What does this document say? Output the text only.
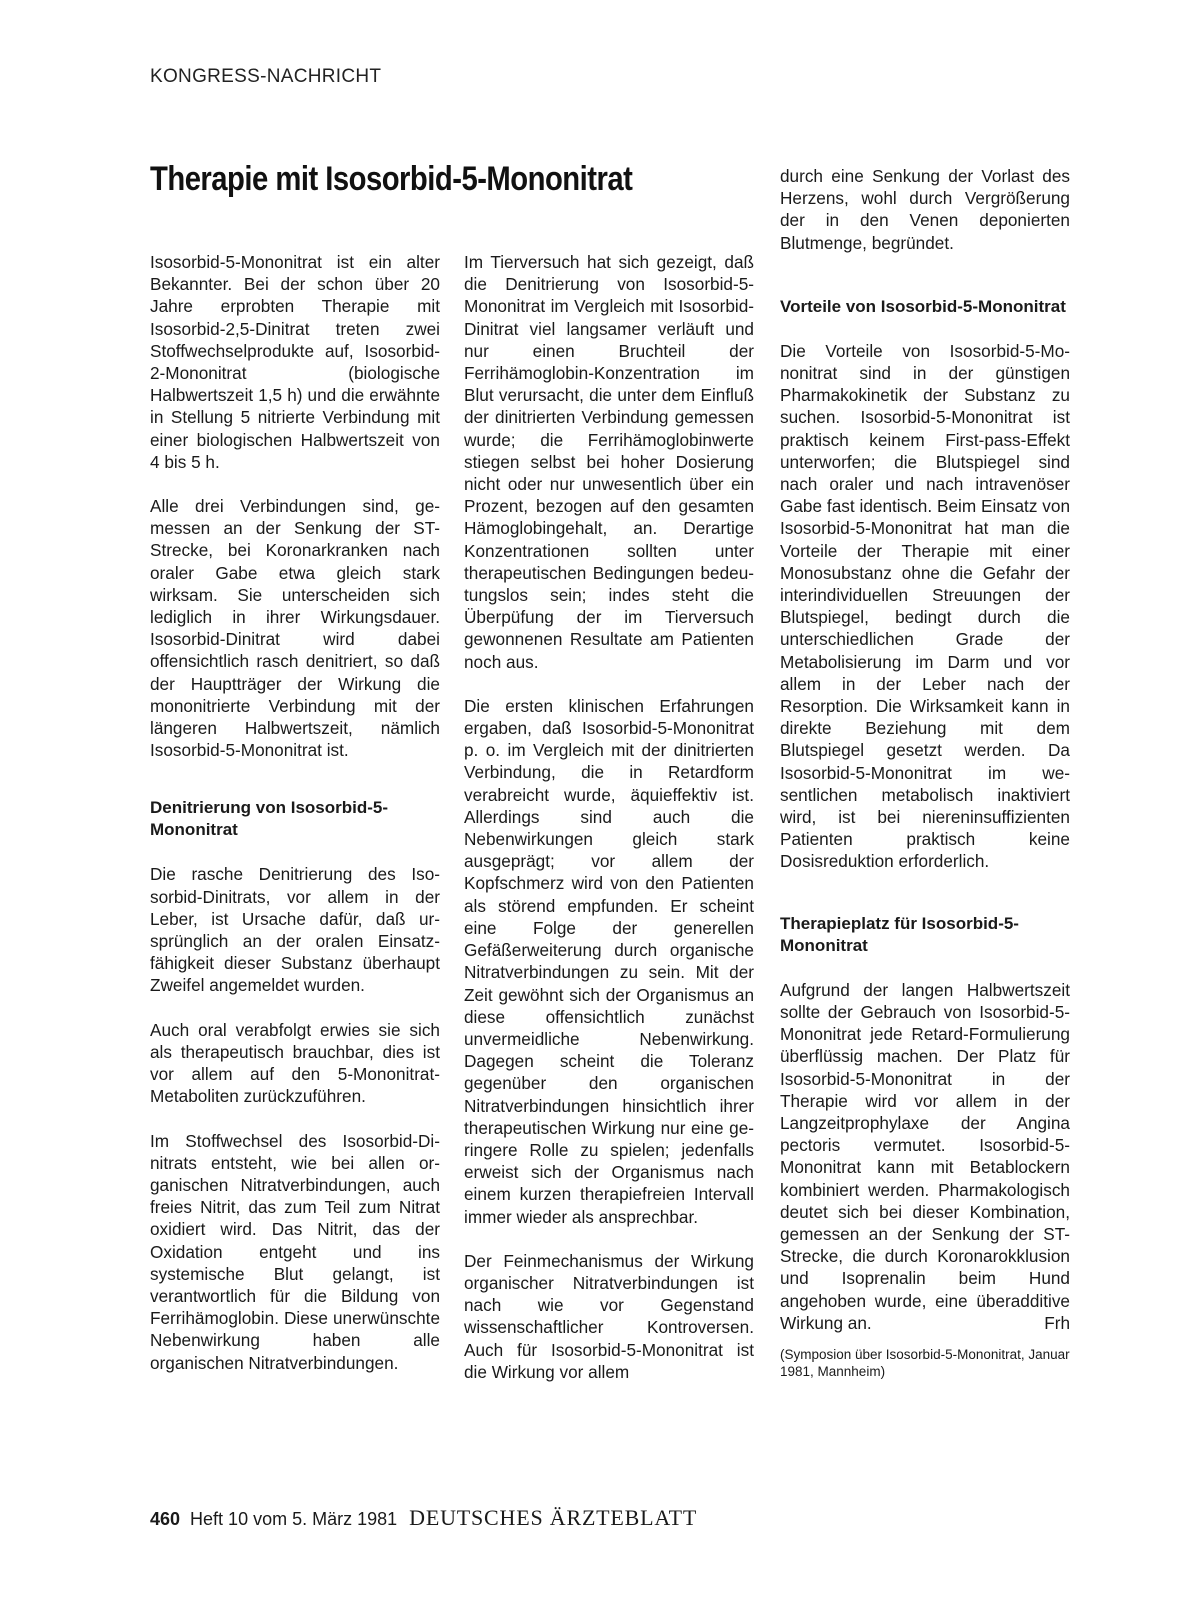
KONGRESS-NACHRICHT
Therapie mit Isosorbid-5-Mononitrat

Isosorbid-5-Mononitrat ist ein alter Bekannter. Bei der schon über 20 Jahre erprobten Therapie mit Isosorbid-2,5-Dinitrat treten zwei Stoffwechselprodukte auf, Isosorbid-2-Mononitrat (biologische Halbwertszeit 1,5 h) und die erwähnte in Stellung 5 nitrierte Verbindung mit einer biologischen Halbwertszeit von 4 bis 5 h.

Alle drei Verbindungen sind, gemessen an der Senkung der ST-Strecke, bei Koronarkranken nach oraler Gabe etwa gleich stark wirksam. Sie unterscheiden sich lediglich in ihrer Wirkungsdauer. Isosorbid-Dinitrat wird dabei offensichtlich rasch denitriert, so daß der Hauptträger der Wirkung die mononitrierte Verbindung mit der längeren Halbwertszeit, nämlich Isosorbid-5-Mononitrat ist.

Denitrierung von Isosorbid-5-Mononitrat

Die rasche Denitrierung des Isosorbid-Dinitrats, vor allem in der Leber, ist Ursache dafür, daß ursprünglich an der oralen Einsatzfähigkeit dieser Substanz überhaupt Zweifel angemeldet wurden.

Auch oral verabfolgt erwies sie sich als therapeutisch brauchbar, dies ist vor allem auf den 5-Mononitrat-Metaboliten zurückzuführen.

Im Stoffwechsel des Isosorbid-Dinitrats entsteht, wie bei allen organischen Nitratverbindungen, auch freies Nitrit, das zum Teil zum Nitrat oxidiert wird. Das Nitrit, das der Oxidation entgeht und ins systemische Blut gelangt, ist verantwortlich für die Bildung von Ferrihämoglobin. Diese unerwünschte Nebenwirkung haben alle organischen Nitratverbindungen.

Im Tierversuch hat sich gezeigt, daß die Denitrierung von Isosorbid-5-Mononitrat im Vergleich mit Isosorbid-Dinitrat viel langsamer verläuft und nur einen Bruchteil der Ferrihämoglobin-Konzentration im Blut verursacht, die unter dem Einfluß der dinitrierten Verbindung gemessen wurde; die Ferrihämoglobinwerte stiegen selbst bei hoher Dosierung nicht oder nur unwesentlich über ein Prozent, bezogen auf den gesamten Hämoglobingehalt, an. Derartige Konzentrationen sollten unter therapeutischen Bedingungen bedeutungslos sein; indes steht die Überpüfung der im Tierversuch gewonnenen Resultate am Patienten noch aus.

Die ersten klinischen Erfahrungen ergaben, daß Isosorbid-5-Mononitrat p. o. im Vergleich mit der dinitrierten Verbindung, die in Retardform verabreicht wurde, äquieffektiv ist. Allerdings sind auch die Nebenwirkungen gleich stark ausgeprägt; vor allem der Kopfschmerz wird von den Patienten als störend empfunden. Er scheint eine Folge der generellen Gefäßerweiterung durch organische Nitratverbindungen zu sein. Mit der Zeit gewöhnt sich der Organismus an diese offensichtlich zunächst unvermeidliche Nebenwirkung. Dagegen scheint die Toleranz gegenüber den organischen Nitratverbindungen hinsichtlich ihrer therapeutischen Wirkung nur eine geringere Rolle zu spielen; jedenfalls erweist sich der Organismus nach einem kurzen therapiefreien Intervall immer wieder als ansprechbar.

Der Feinmechanismus der Wirkung organischer Nitratverbindungen ist nach wie vor Gegenstand wissenschaftlicher Kontroversen. Auch für Isosorbid-5-Mononitrat ist die Wirkung vor allem

durch eine Senkung der Vorlast des Herzens, wohl durch Vergrößerung der in den Venen deponierten Blutmenge, begründet.

Vorteile von Isosorbid-5-Mononitrat

Die Vorteile von Isosorbid-5-Mononitrat sind in der günstigen Pharmakokinetik der Substanz zu suchen. Isosorbid-5-Mononitrat ist praktisch keinem First-pass-Effekt unterworfen; die Blutspiegel sind nach oraler und nach intravenöser Gabe fast identisch. Beim Einsatz von Isosorbid-5-Mononitrat hat man die Vorteile der Therapie mit einer Monosubstanz ohne die Gefahr der interindividuellen Streuungen der Blutspiegel, bedingt durch die unterschiedlichen Grade der Metabolisierung im Darm und vor allem in der Leber nach der Resorption. Die Wirksamkeit kann in direkte Beziehung mit dem Blutspiegel gesetzt werden. Da Isosorbid-5-Mononitrat im wesentlichen metabolisch inaktiviert wird, ist bei niereninsuffizienten Patienten praktisch keine Dosisreduktion erforderlich.

Therapieplatz für Isosorbid-5-Mononitrat

Aufgrund der langen Halbwertszeit sollte der Gebrauch von Isosorbid-5-Mononitrat jede Retard-Formulierung überflüssig machen. Der Platz für Isosorbid-5-Mononitrat in der Therapie wird vor allem in der Langzeitprophylaxe der Angina pectoris vermutet. Isosorbid-5-Mononitrat kann mit Betablockern kombiniert werden. Pharmakologisch deutet sich bei dieser Kombination, gemessen an der Senkung der ST-Strecke, die durch Koronarokklusion und Isoprenalin beim Hund angehoben wurde, eine überadditive Wirkung an.	Frh

(Symposion über Isosorbid-5-Mononitrat, Januar 1981, Mannheim)

460 Heft 10 vom 5. März 1981 DEUTSCHES ÄRZTEBLATT
